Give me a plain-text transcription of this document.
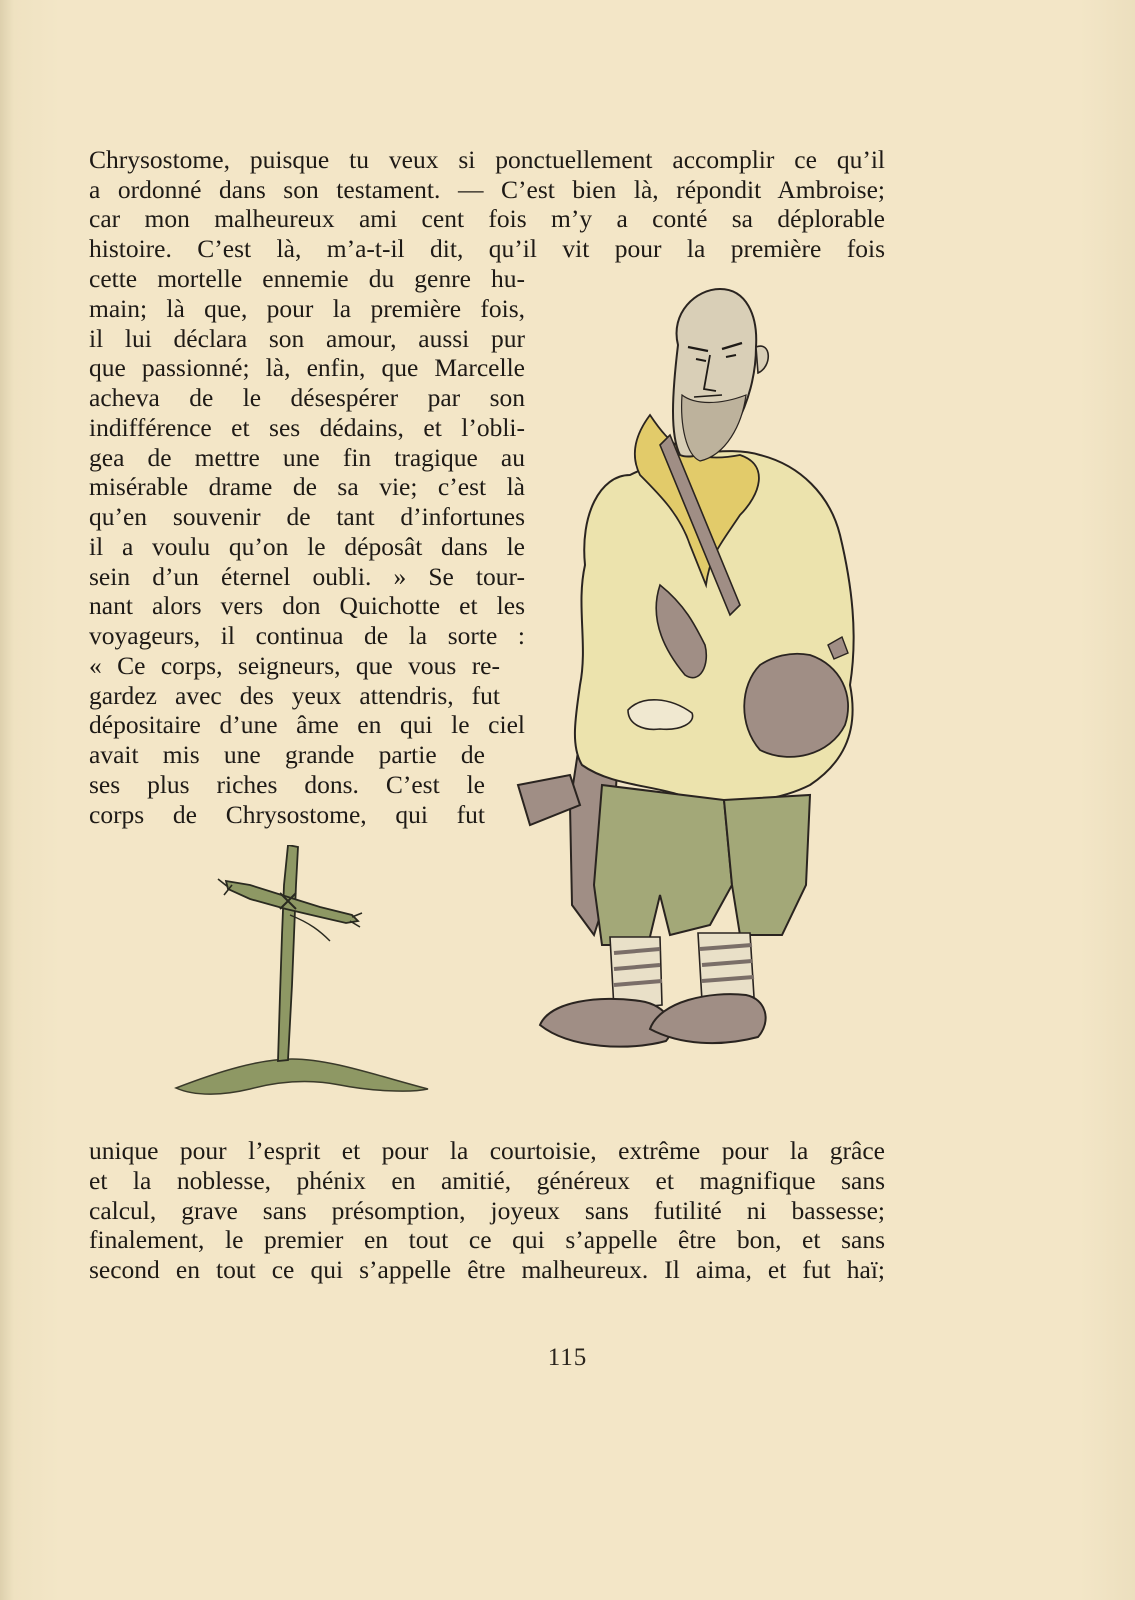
Chrysostome, puisque tu veux si ponctuellement accomplir ce qu’il

a ordonné dans son testament. — C’est bien là, répondit Ambroise;

car mon malheureux ami cent fois m’y a conté sa déplorable

histoire. C’est là, m’a-t-il dit, qu’il vit pour la première fois

cette mortelle ennemie du genre hu-

main; là que, pour la première fois,

il lui déclara son amour, aussi pur

que passionné; là, enfin, que Marcelle

acheva de le désespérer par son

indifférence et ses dédains, et l’obli-

gea de mettre une fin tragique au

misérable drame de sa vie; c’est là

qu’en souvenir de tant d’infortunes

il a voulu qu’on le déposât dans le

sein d’un éternel oubli. » Se tour-

nant alors vers don Quichotte et les

voyageurs, il continua de la sorte :

« Ce corps, seigneurs, que vous re-

gardez avec des yeux attendris, fut

dépositaire d’une âme en qui le ciel

avait mis une grande partie de

ses plus riches dons. C’est le

corps de Chrysostome, qui fut

unique pour l’esprit et pour la courtoisie, extrême pour la grâce

et la noblesse, phénix en amitié, généreux et magnifique sans

calcul, grave sans présomption, joyeux sans futilité ni bassesse;

finalement, le premier en tout ce qui s’appelle être bon, et sans

second en tout ce qui s’appelle être malheureux. Il aima, et fut haï;

115
